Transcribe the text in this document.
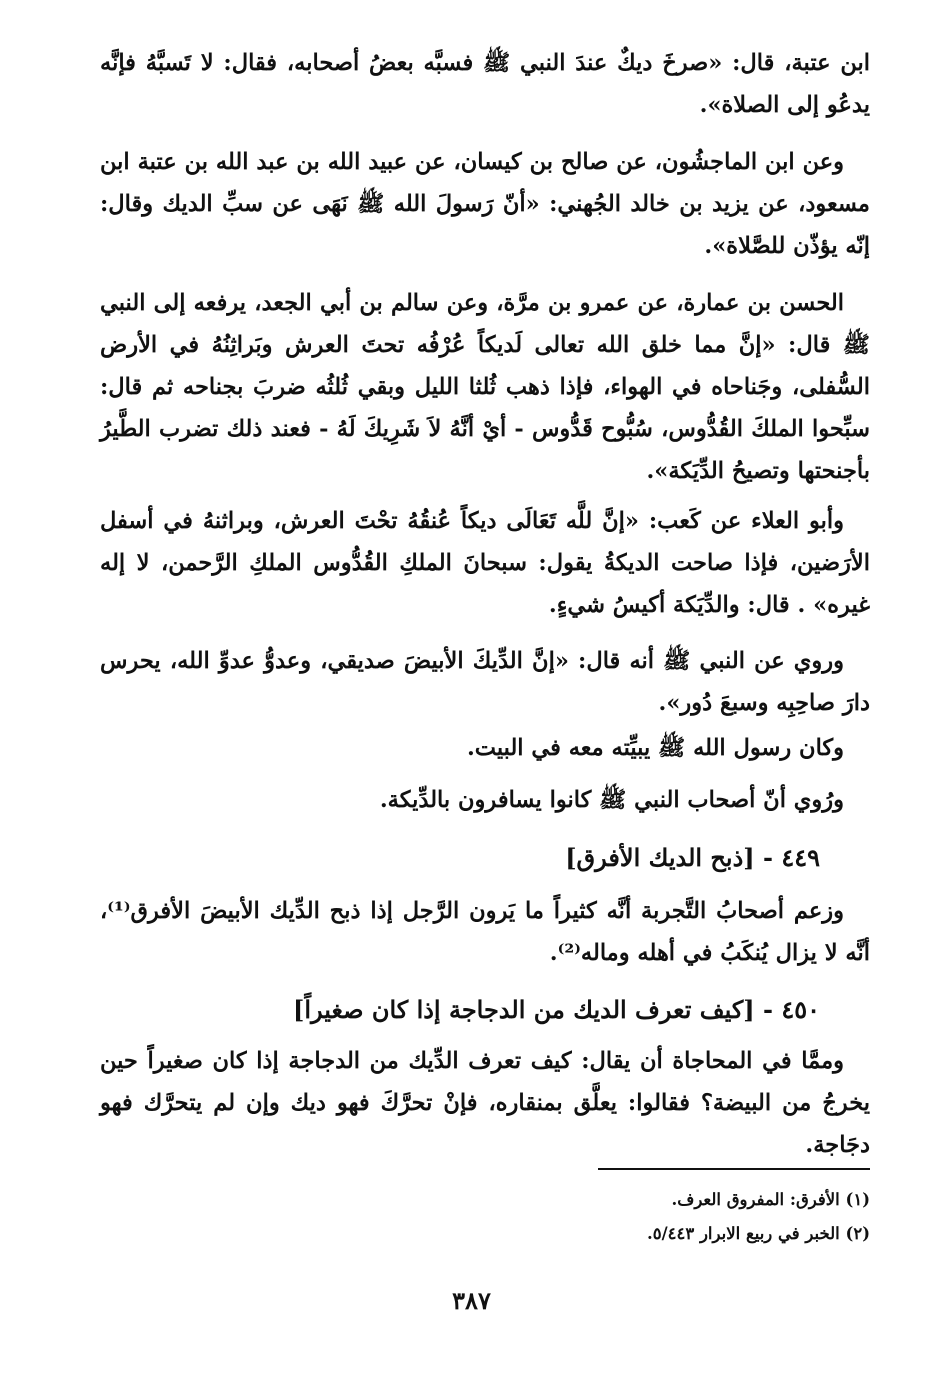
ابن عتبة، قال: «صرخَ ديكٌ عندَ النبي ﷺ فسبَّه بعضُ أصحابه، فقال: لا تَسبَّهُ فإنَّه يدعُو إلى الصلاة».

وعن ابن الماجشُون، عن صالح بن كيسان، عن عبيد الله بن عبد الله بن عتبة ابن مسعود، عن يزيد بن خالد الجُهني: «أنّ رَسولَ الله ﷺ نَهَى عن سبِّ الديك وقال: إنّه يؤذّن للصَّلاة».

الحسن بن عمارة، عن عمرو بن مرَّة، وعن سالم بن أبي الجعد، يرفعه إلى النبي ﷺ قال: «إنَّ مما خلق الله تعالى لَديكاً عُرْفُه تحتَ العرش وبَراثِنُهُ في الأرض السُّفلى، وجَناحاه في الهواء، فإذا ذهب ثُلثا الليل وبقي ثُلثُه ضربَ بجناحه ثم قال: سبِّحوا الملكَ القُدُّوس، سُبُّوح قَدُّوس - أيْ أنَّهُ لاَ شَرِيكَ لَهُ - فعند ذلك تضرب الطَّيرُ بأجنحتها وتصيحُ الدِّيَكة».

وأبو العلاء عن كَعب: «إنَّ للَّه تَعَالَى ديكاً عُنقُهُ تحْتَ العرش، وبراثنهُ في أسفل الأرَضين، فإذا صاحت الديكةُ يقول: سبحانَ الملكِ القُدُّوس الملكِ الرَّحمن، لا إله غيره» . قال: والدِّيَكة أكيسُ شيءٍ.

وروي عن النبي ﷺ أنه قال: «إنَّ الدِّيكَ الأبيضَ صديقي، وعدوُّ عدوِّ الله، يحرس دارَ صاحِبِه وسبعَ دُور».

وكان رسول الله ﷺ يبيِّته معه في البيت.

ورُوي أنّ أصحاب النبي ﷺ كانوا يسافرون بالدِّيكة.

٤٤٩ - [ذبح الديك الأفرق]

وزعم أصحابُ التَّجربة أنَّه كثيراً ما يَرون الرَّجل إذا ذبح الدِّيك الأبيضَ الأفرق⁽¹⁾، أنَّه لا يزال يُنكَبُ في أهله وماله⁽²⁾.

٤٥٠ - [كيف تعرف الديك من الدجاجة إذا كان صغيراً]

وممَّا في المحاجاة أن يقال: كيف تعرف الدِّيك من الدجاجة إذا كان صغيراً حين يخرجُ من البيضة؟ فقالوا: يعلَّق بمنقاره، فإنْ تحرَّكَ فهو ديك وإن لم يتحرَّك فهو دجَاجة.

(١) الأفرق: المفروق العرف.

(٢) الخبر في ربيع الابرار ٥/٤٤٣.

٣٨٧
